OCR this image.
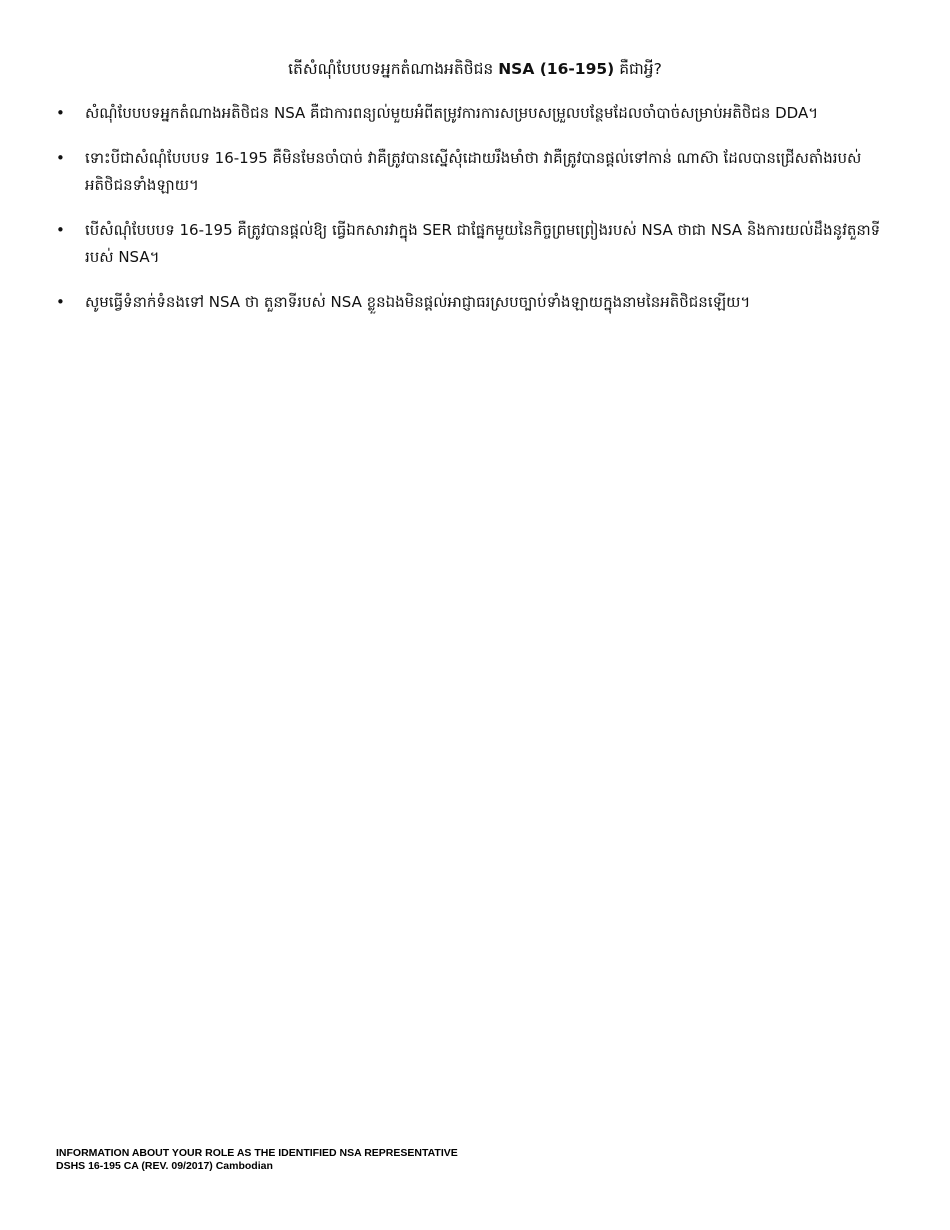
តើសំណុំបែបបទអ្នកតំណាងអតិថិជន NSA (16-195) គឺជាអ្វី?
• សំណុំបែបបទអ្នកតំណាងអតិថិជន NSA គឺជាការពន្យល់មួយអំពីតម្រូវការការសម្របសម្រួលបន្ថែមដែលចាំបាច់សម្រាប់អតិថិជន DDA។
• ទោះបីជាសំណុំបែបបទ 16-195 គឺមិនមែនចាំបាច់ វាគឺត្រូវបានស្នើសុំដោយរឹងមាំថា វាគឺត្រូវបានផ្តល់ទៅកាន់ ណាស៊ា ដែលបានជ្រើសតាំងរបស់អតិថិជនទាំងឡាយ។
• បើសំណុំបែបបទ 16-195 គឺត្រូវបានផ្តល់ឱ្យ ធ្វើឯកសារវាក្នុង SER ជាផ្នែកមួយនៃកិច្ចព្រមព្រៀងរបស់ NSA ថាជា NSA និងការយល់ដឹងនូវតួនាទីរបស់ NSA។
• សូមធ្វើទំនាក់ទំនងទៅ NSA ថា តួនាទីរបស់ NSA ខ្លួនឯងមិនផ្តល់អាជ្ញាធរស្របច្បាប់ទាំងឡាយក្នុងនាមនៃអតិថិជនឡើយ។
INFORMATION ABOUT YOUR ROLE AS THE IDENTIFIED NSA REPRESENTATIVE
DSHS 16-195 CA (REV. 09/2017) Cambodian
